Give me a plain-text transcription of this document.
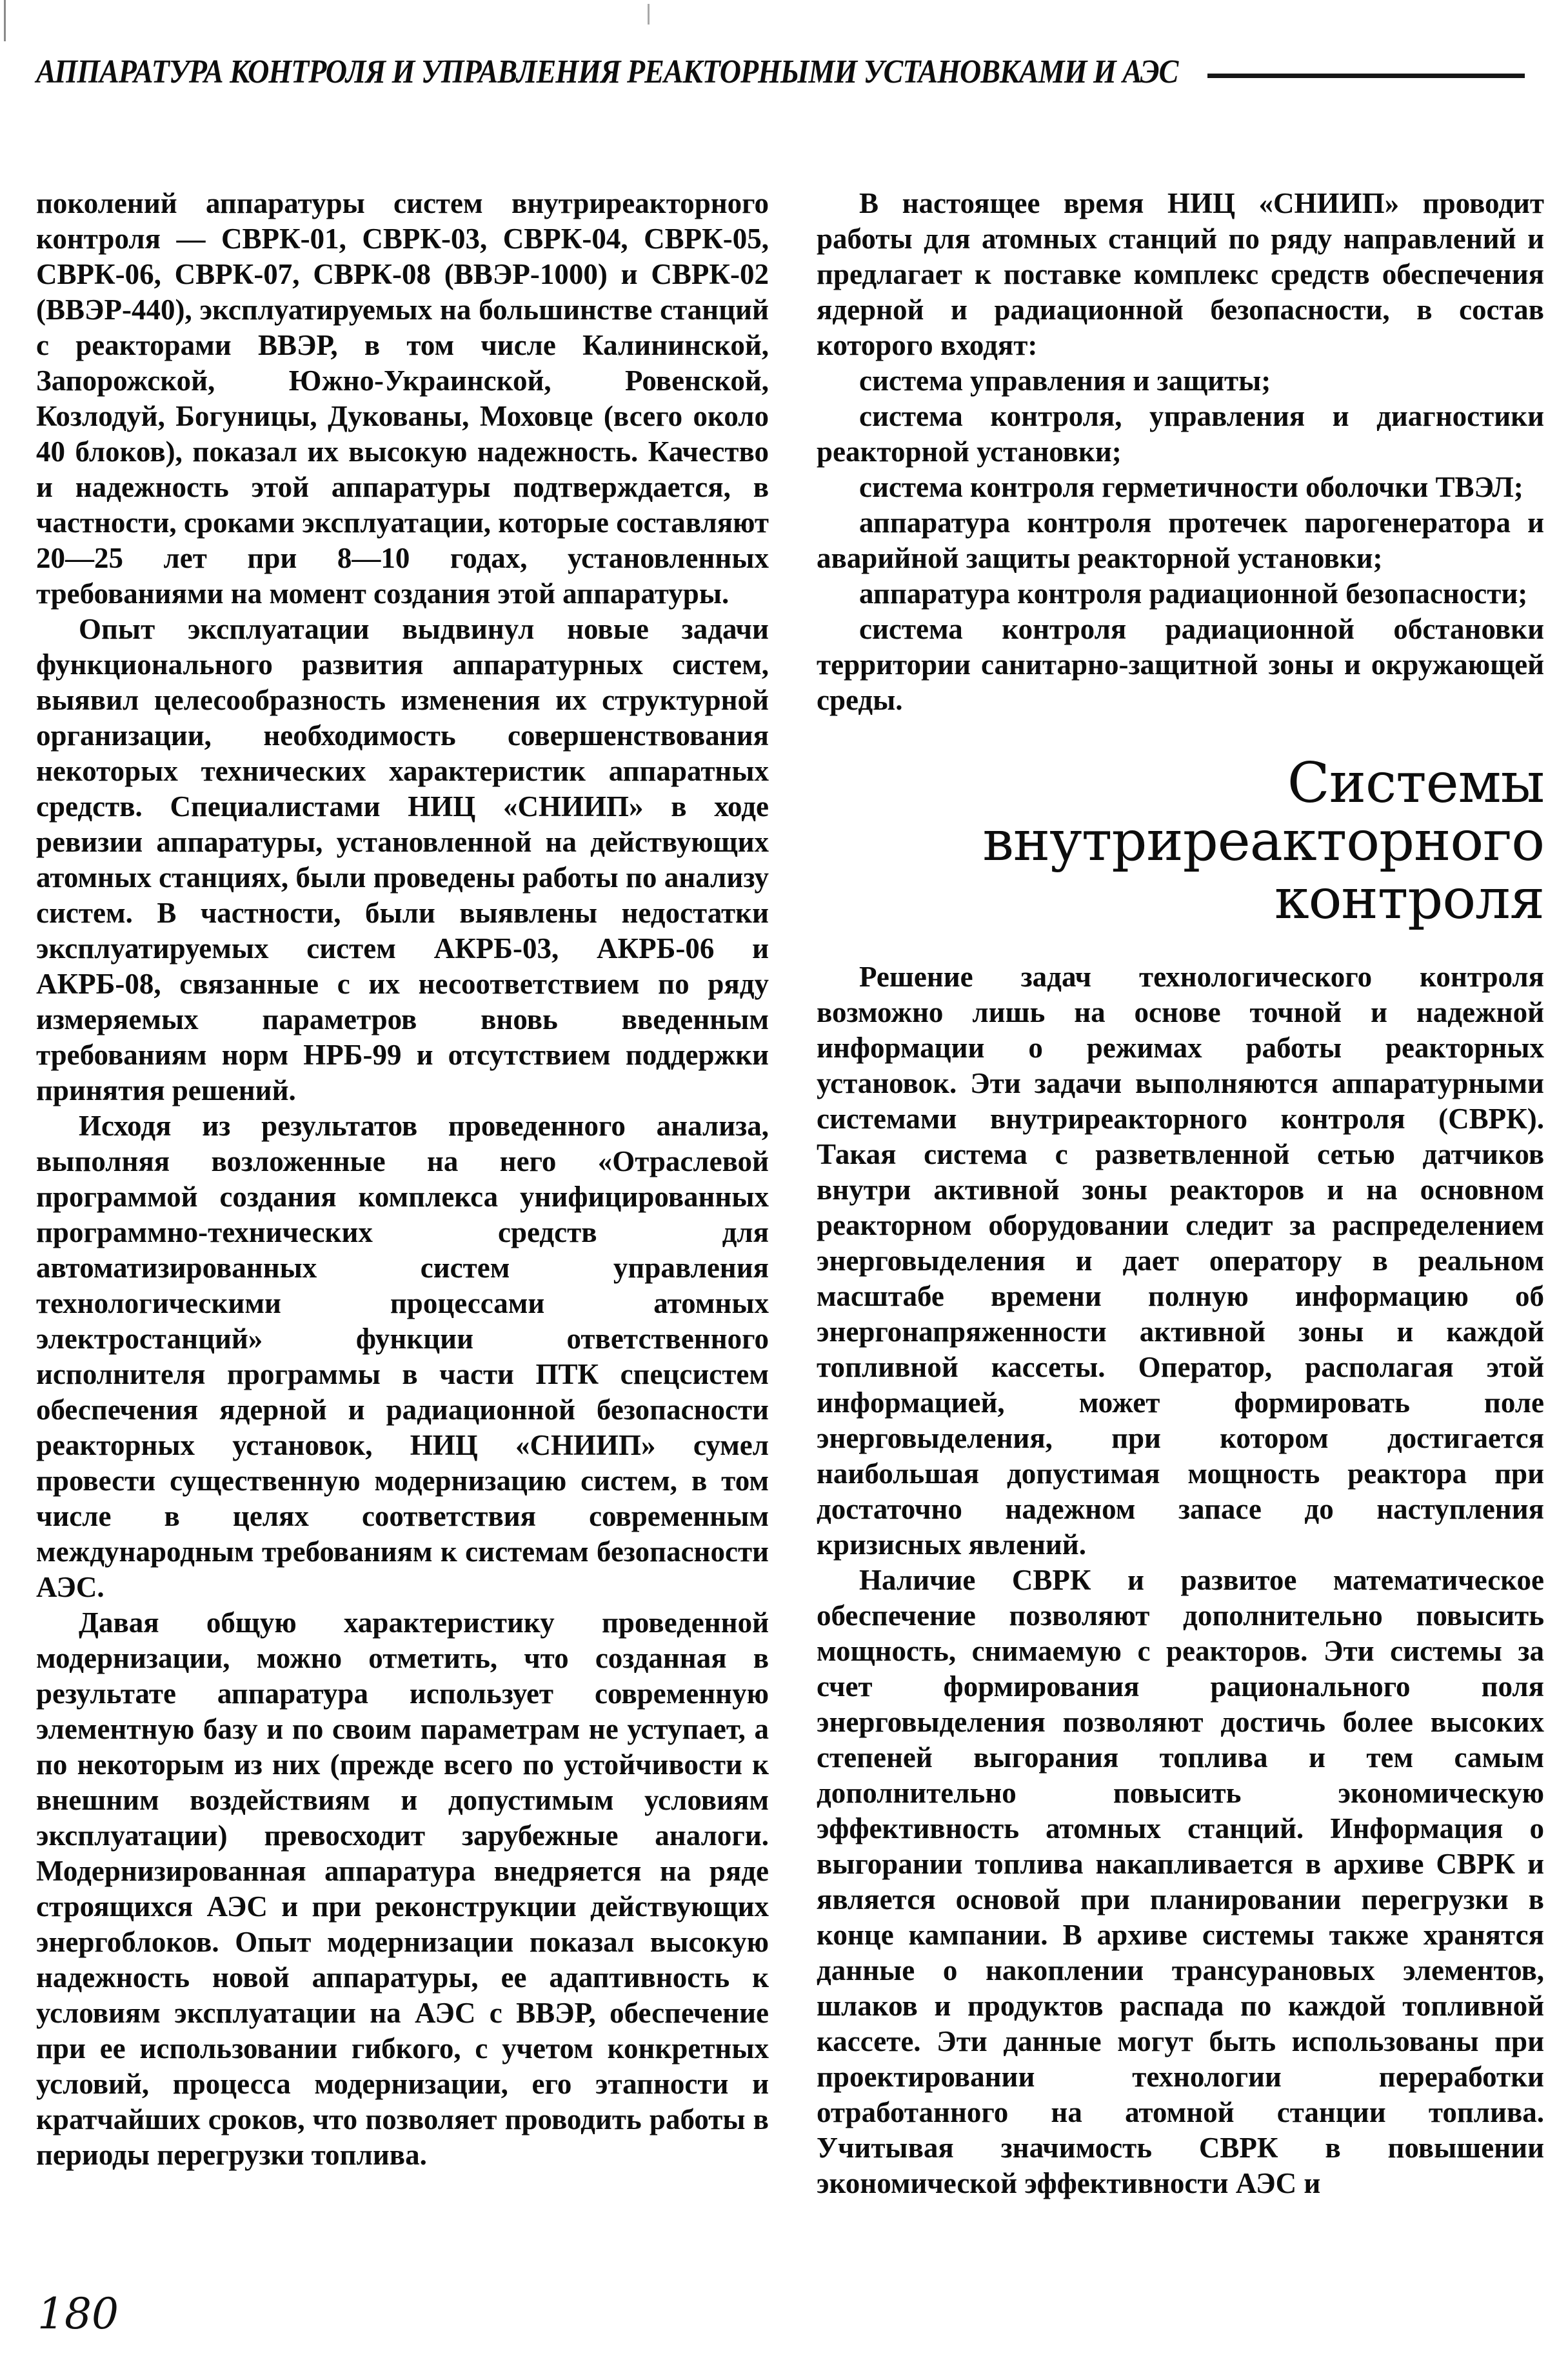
АППАРАТУРА КОНТРОЛЯ И УПРАВЛЕНИЯ РЕАКТОРНЫМИ УСТАНОВКАМИ И АЭС

поколений аппаратуры систем внутриреакторного контроля — СВРК-01, СВРК-03, СВРК-04, СВРК-05, СВРК-06, СВРК-07, СВРК-08 (ВВЭР-1000) и СВРК-02 (ВВЭР-440), эксплуатируемых на большинстве станций с реакторами ВВЭР, в том числе Калининской, Запорожской, Южно-Украинской, Ровенской, Козлодуй, Богуницы, Дукованы, Моховце (всего около 40 блоков), показал их высокую надежность. Качество и надежность этой аппаратуры подтверждается, в частности, сроками эксплуатации, которые составляют 20—25 лет при 8—10 годах, установленных требованиями на момент создания этой аппаратуры.

Опыт эксплуатации выдвинул новые задачи функционального развития аппаратурных систем, выявил целесообразность изменения их структурной организации, необходимость совершенствования некоторых технических характеристик аппаратных средств. Специалистами НИЦ «СНИИП» в ходе ревизии аппаратуры, установленной на действующих атомных станциях, были проведены работы по анализу систем. В частности, были выявлены недостатки эксплуатируемых систем АКРБ-03, АКРБ-06 и АКРБ-08, связанные с их несоответствием по ряду измеряемых параметров вновь введенным требованиям норм НРБ-99 и отсутствием поддержки принятия решений.

Исходя из результатов проведенного анализа, выполняя возложенные на него «Отраслевой программой создания комплекса унифицированных программно-технических средств для автоматизированных систем управления технологическими процессами атомных электростанций» функции ответственного исполнителя программы в части ПТК спецсистем обеспечения ядерной и радиационной безопасности реакторных установок, НИЦ «СНИИП» сумел провести существенную модернизацию систем, в том числе в целях соответствия современным международным требованиям к системам безопасности АЭС.

Давая общую характеристику проведенной модернизации, можно отметить, что созданная в результате аппаратура использует современную элементную базу и по своим параметрам не уступает, а по некоторым из них (прежде всего по устойчивости к внешним воздействиям и допустимым условиям эксплуатации) превосходит зарубежные аналоги. Модернизированная аппаратура внедряется на ряде строящихся АЭС и при реконструкции действующих энергоблоков. Опыт модернизации показал высокую надежность новой аппаратуры, ее адаптивность к условиям эксплуатации на АЭС с ВВЭР, обеспечение при ее использовании гибкого, с учетом конкретных условий, процесса модернизации, его этапности и кратчайших сроков, что позволяет проводить работы в периоды перегрузки топлива.

В настоящее время НИЦ «СНИИП» проводит работы для атомных станций по ряду направлений и предлагает к поставке комплекс средств обеспечения ядерной и радиационной безопасности, в состав которого входят:

система управления и защиты;

система контроля, управления и диагностики реакторной установки;

система контроля герметичности оболочки ТВЭЛ;

аппаратура контроля протечек парогенератора и аварийной защиты реакторной установки;

аппаратура контроля радиационной безопасности;

система контроля радиационной обстановки территории санитарно-защитной зоны и окружающей среды.

Системы внутриреакторного контроля

Решение задач технологического контроля возможно лишь на основе точной и надежной информации о режимах работы реакторных установок. Эти задачи выполняются аппаратурными системами внутриреакторного контроля (СВРК). Такая система с разветвленной сетью датчиков внутри активной зоны реакторов и на основном реакторном оборудовании следит за распределением энерговыделения и дает оператору в реальном масштабе времени полную информацию об энергонапряженности активной зоны и каждой топливной кассеты. Оператор, располагая этой информацией, может формировать поле энерговыделения, при котором достигается наибольшая допустимая мощность реактора при достаточно надежном запасе до наступления кризисных явлений.

Наличие СВРК и развитое математическое обеспечение позволяют дополнительно повысить мощность, снимаемую с реакторов. Эти системы за счет формирования рационального поля энерговыделения позволяют достичь более высоких степеней выгорания топлива и тем самым дополнительно повысить экономическую эффективность атомных станций. Информация о выгорании топлива накапливается в архиве СВРК и является основой при планировании перегрузки в конце кампании. В архиве системы также хранятся данные о накоплении трансурановых элементов, шлаков и продуктов распада по каждой топливной кассете. Эти данные могут быть использованы при проектировании технологии переработки отработанного на атомной станции топлива. Учитывая значимость СВРК в повышении экономической эффективности АЭС и

180
